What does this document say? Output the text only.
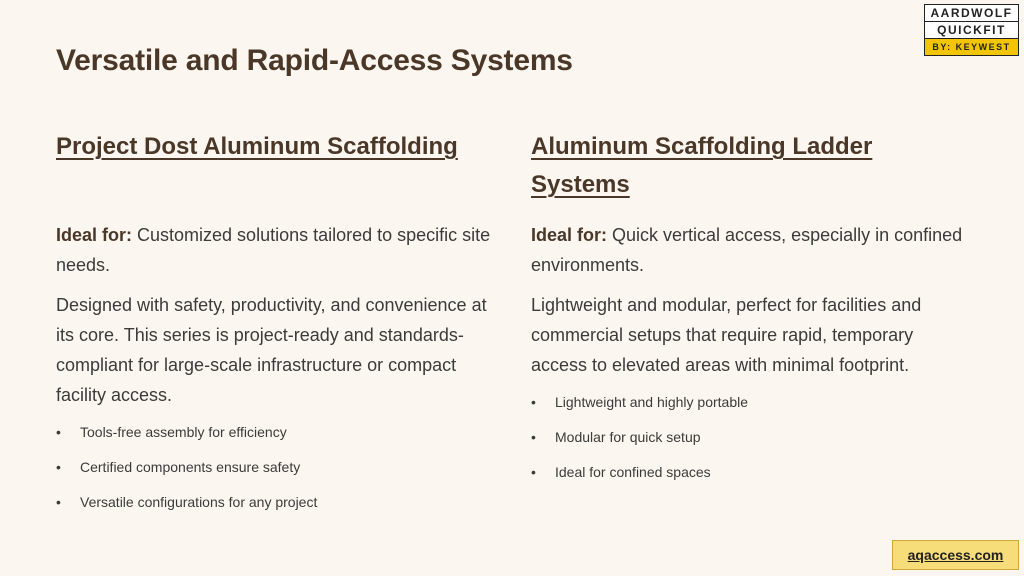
AARDWOLF
QUICKFIT
BY: KEYWEST
Versatile and Rapid-Access Systems
Project Dost Aluminum Scaffolding

Ideal for: Customized solutions tailored to specific site needs.

Designed with safety, productivity, and convenience at its core. This series is project-ready and standards-compliant for large-scale infrastructure or compact facility access.

• Tools-free assembly for efficiency
• Certified components ensure safety
• Versatile configurations for any project
Aluminum Scaffolding Ladder Systems

Ideal for: Quick vertical access, especially in confined environments.

Lightweight and modular, perfect for facilities and commercial setups that require rapid, temporary access to elevated areas with minimal footprint.

• Lightweight and highly portable
• Modular for quick setup
• Ideal for confined spaces
aqaccess.com
